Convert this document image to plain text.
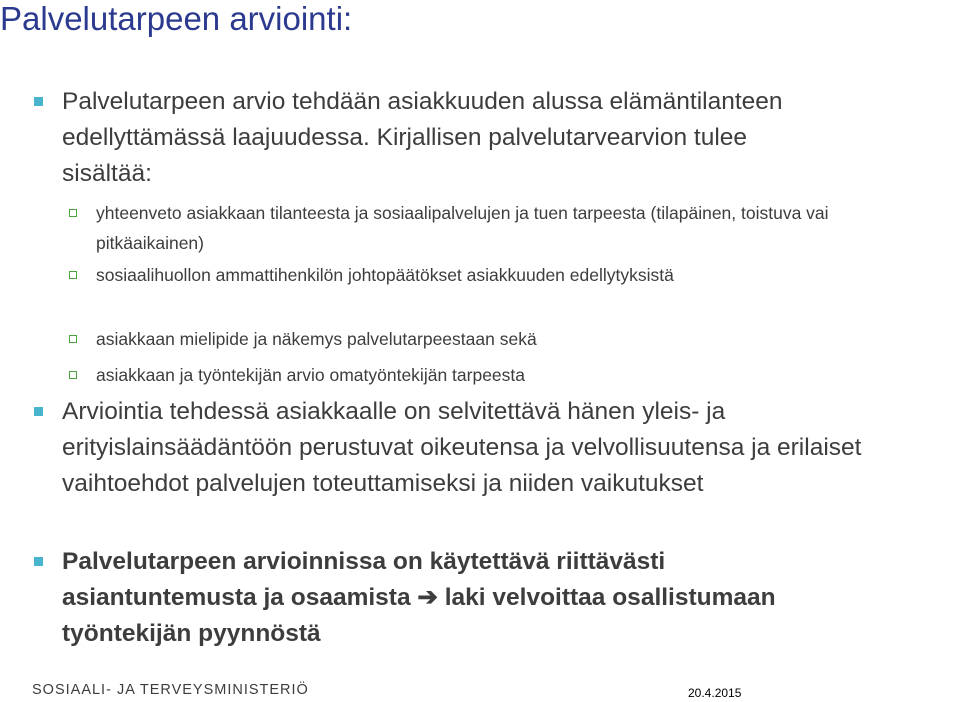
Palvelutarpeen arviointi:
Palvelutarpeen arvio tehdään asiakkuuden alussa elämäntilanteen edellyttämässä laajuudessa. Kirjallisen palvelutarvearvion tulee sisältää:
yhteenveto asiakkaan tilanteesta ja sosiaalipalvelujen ja tuen tarpeesta (tilapäinen, toistuva vai pitkäaikainen)
sosiaalihuollon ammattihenkilön johtopäätökset asiakkuuden edellytyksistä
asiakkaan mielipide ja näkemys palvelutarpeestaan sekä
asiakkaan ja työntekijän arvio omatyöntekijän tarpeesta
Arviointia tehdessä asiakkaalle on selvitettävä hänen yleis- ja erityislainsäädäntöön perustuvat oikeutensa ja velvollisuutensa ja erilaiset vaihtoehdot palvelujen toteuttamiseksi ja niiden vaikutukset
Palvelutarpeen arvioinnissa on käytettävä riittävästi asiantuntemusta ja osaamista ➔ laki velvoittaa osallistumaan työntekijän pyynnöstä
SOSIAALI- JA TERVEYSMINISTERIÖ	20.4.2015
